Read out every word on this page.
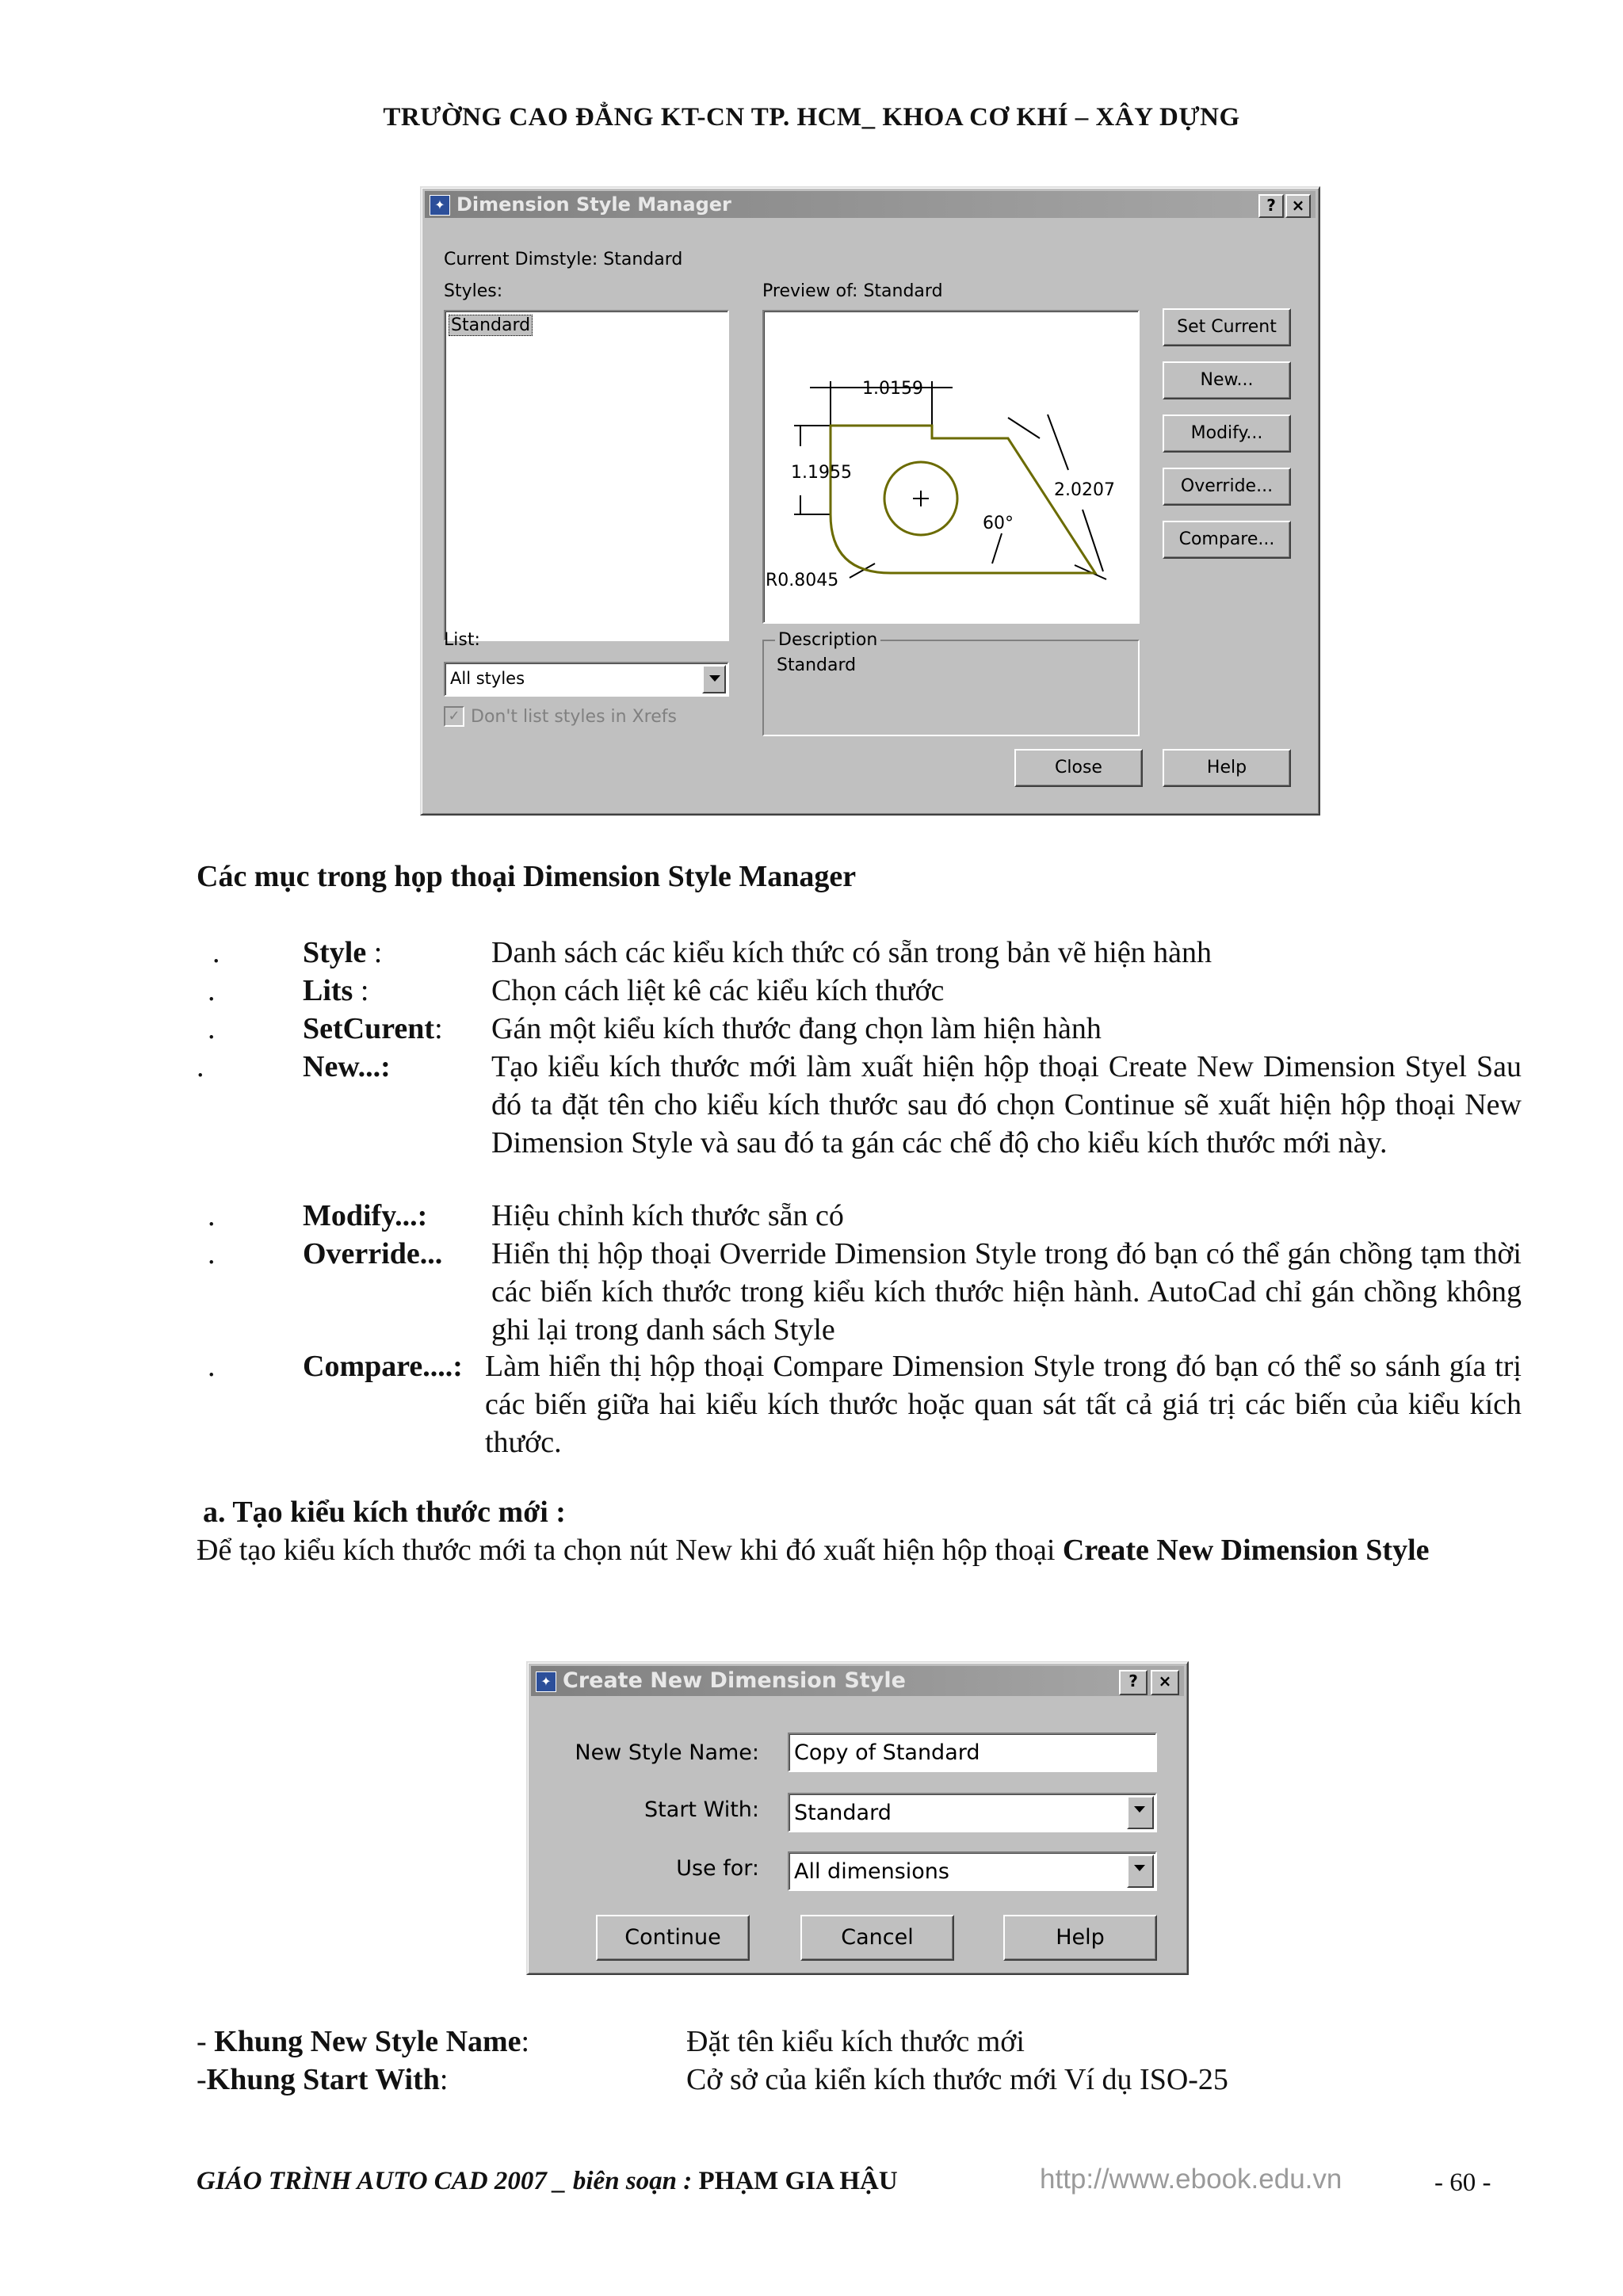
TRƯỜNG CAO ĐẲNG KT-CN TP. HCM_ KHOA CƠ KHÍ – XÂY DỰNG
✦ Dimension Style Manager	? ×
Current Dimstyle: Standard
Styles:
Standard
Preview of: Standard
1.0159
1.1955
2.0207
60°
R0.8045
Set Current
New...
Modify...
Override...
Compare...
List:
All styles
✓ Don't list styles in Xrefs
Description
Standard
Close	Help
Các mục trong họp thoại Dimension Style Manager
.	Style :	Danh sách các kiểu kích thức có sẵn trong bản vẽ hiện hành
.	Lits :	Chọn cách liệt kê các kiểu kích thước
.	SetCurent: Gán một kiểu kích thước đang chọn làm hiện hành
.	New...:	Tạo kiểu kích thước mới làm xuất hiện hộp thoại Create New Dimension Styel Sau đó ta đặt tên cho kiểu kích thước sau đó chọn Continue sẽ xuất hiện hộp thoại New Dimension Style và sau đó ta gán các chế độ cho kiểu kích thước mới này.
.	Modify...: Hiệu chỉnh kích thước sẵn có
.	Override... Hiển thị hộp thoại Override Dimension Style trong đó bạn có thể gán chồng tạm thời các biến kích thước trong kiểu kích thước hiện hành. AutoCad chỉ gán chồng không ghi lại trong danh sách Style
.	Compare....: Làm hiển thị hộp thoại Compare Dimension Style trong đó bạn có thể so sánh gía trị các biến giữa hai kiểu kích thước hoặc quan sát tất cả giá trị các biến của kiểu kích thước.
a. Tạo kiểu kích thước mới :
Để tạo kiểu kích thước mới ta chọn nút New khi đó xuất hiện hộp thoại Create New Dimension Style
✦ Create New Dimension Style	?	×
New Style Name: Copy of Standard
Start With: Standard
Use for: All dimensions
Continue	Cancel	Help
- Khung New Style Name:	Đặt tên kiểu kích thước mới
-Khung Start With:	Cở sở của kiển kích thước mới Ví dụ ISO-25
GIÁO TRÌNH AUTO CAD 2007 _ biên soạn : PHẠM GIA HẬU	http://www.ebook.edu.vn	- 60 -
